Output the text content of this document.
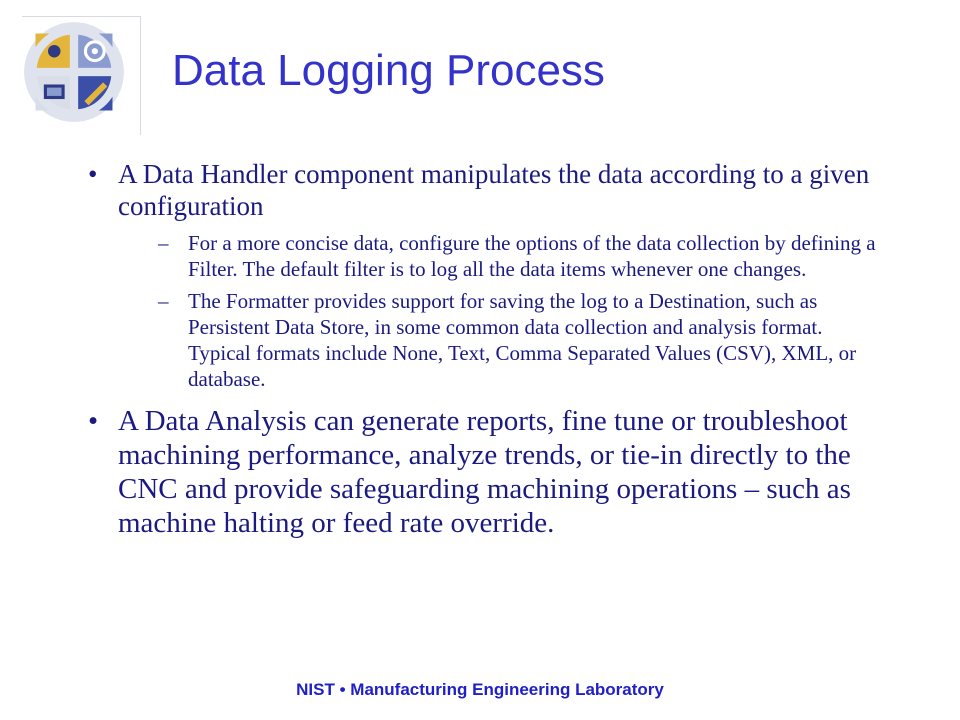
Data Logging Process
• A Data Handler component manipulates the data according to a given configuration
– For a more concise data, configure the options of the data collection by defining a Filter. The default filter is to log all the data items whenever one changes.
– The Formatter provides support for saving the log to a Destination, such as Persistent Data Store, in some common data collection and analysis format. Typical formats include None, Text, Comma Separated Values (CSV), XML, or database.
• A Data Analysis can generate reports, fine tune or troubleshoot machining performance, analyze trends, or tie-in directly to the CNC and provide safeguarding machining operations – such as machine halting or feed rate override.
NIST • Manufacturing Engineering Laboratory
